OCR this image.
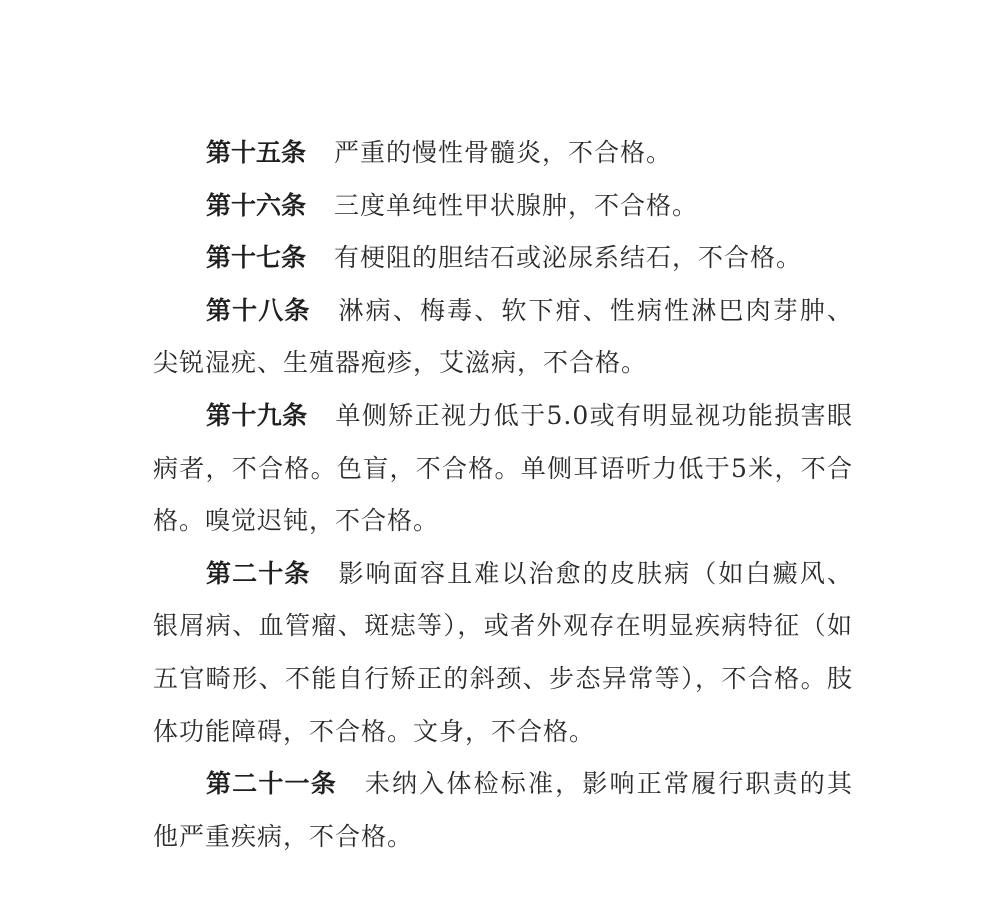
第十五条 严重的慢性骨髓炎，不合格。

第十六条 三度单纯性甲状腺肿，不合格。

第十七条 有梗阻的胆结石或泌尿系结石，不合格。

第十八条 淋病、梅毒、软下疳、性病性淋巴肉芽肿、尖锐湿疣、生殖器疱疹，艾滋病，不合格。

第十九条 单侧矫正视力低于5.0或有明显视功能损害眼病者，不合格。色盲，不合格。单侧耳语听力低于5米，不合格。嗅觉迟钝，不合格。

第二十条 影响面容且难以治愈的皮肤病（如白癜风、银屑病、血管瘤、斑痣等），或者外观存在明显疾病特征（如五官畸形、不能自行矫正的斜颈、步态异常等），不合格。肢体功能障碍，不合格。文身，不合格。

第二十一条 未纳入体检标准，影响正常履行职责的其他严重疾病，不合格。
